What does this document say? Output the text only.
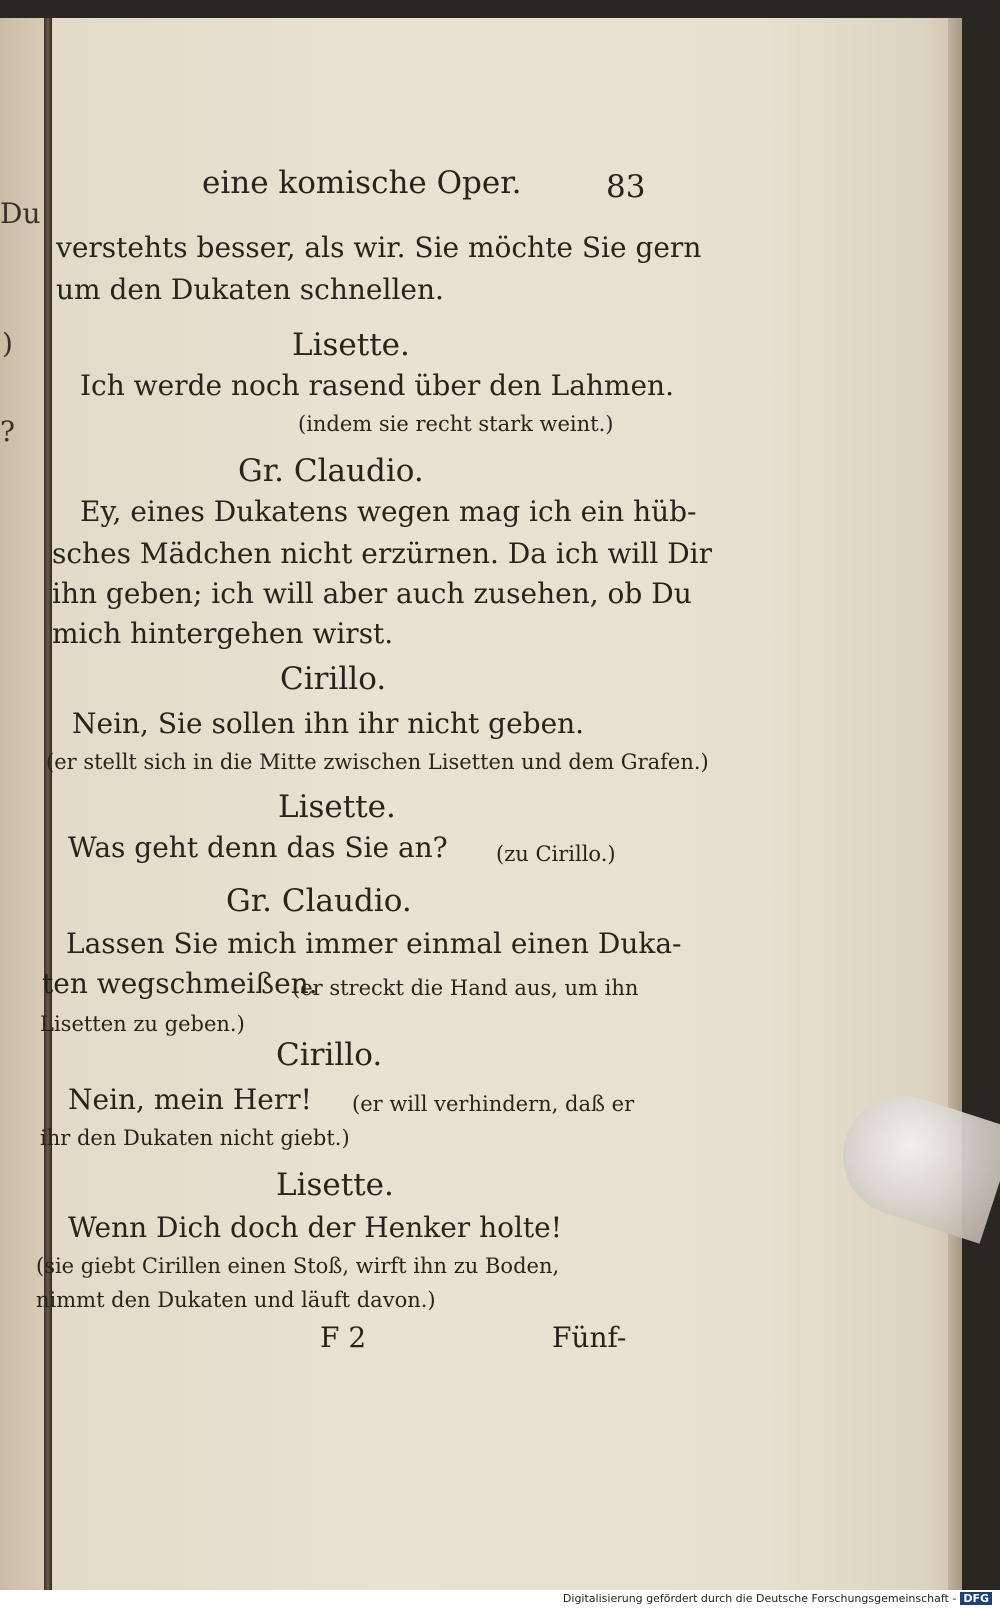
Du
)
?
eine komische Oper.	83
verstehts besser, als wir. Sie möchte Sie gern
um den Dukaten schnellen.
Lisette.
Ich werde noch rasend über den Lahmen.
(indem sie recht stark weint.)
Gr. Claudio.
Ey, eines Dukatens wegen mag ich ein hüb-
sches Mädchen nicht erzürnen. Da ich will Dir
ihn geben; ich will aber auch zusehen, ob Du
mich hintergehen wirst.
Cirillo.
Nein, Sie sollen ihn ihr nicht geben.
(er stellt sich in die Mitte zwischen Lisetten und dem Grafen.)
Lisette.
Was geht denn das Sie an? (zu Cirillo.)
Gr. Claudio.
Lassen Sie mich immer einmal einen Duka-
ten wegschmeißen.
(er streckt die Hand aus, um ihn
Lisetten zu geben.)
Cirillo.
Nein, mein Herr! (er will verhindern, daß er
ihr den Dukaten nicht giebt.)
Lisette.
Wenn Dich doch der Henker holte!
(sie giebt Cirillen einen Stoß, wirft ihn zu Boden,
nimmt den Dukaten und läuft davon.)
F 2	Fünf-
Digitalisierung gefördert durch die Deutsche Forschungsgemeinschaft - DFG
